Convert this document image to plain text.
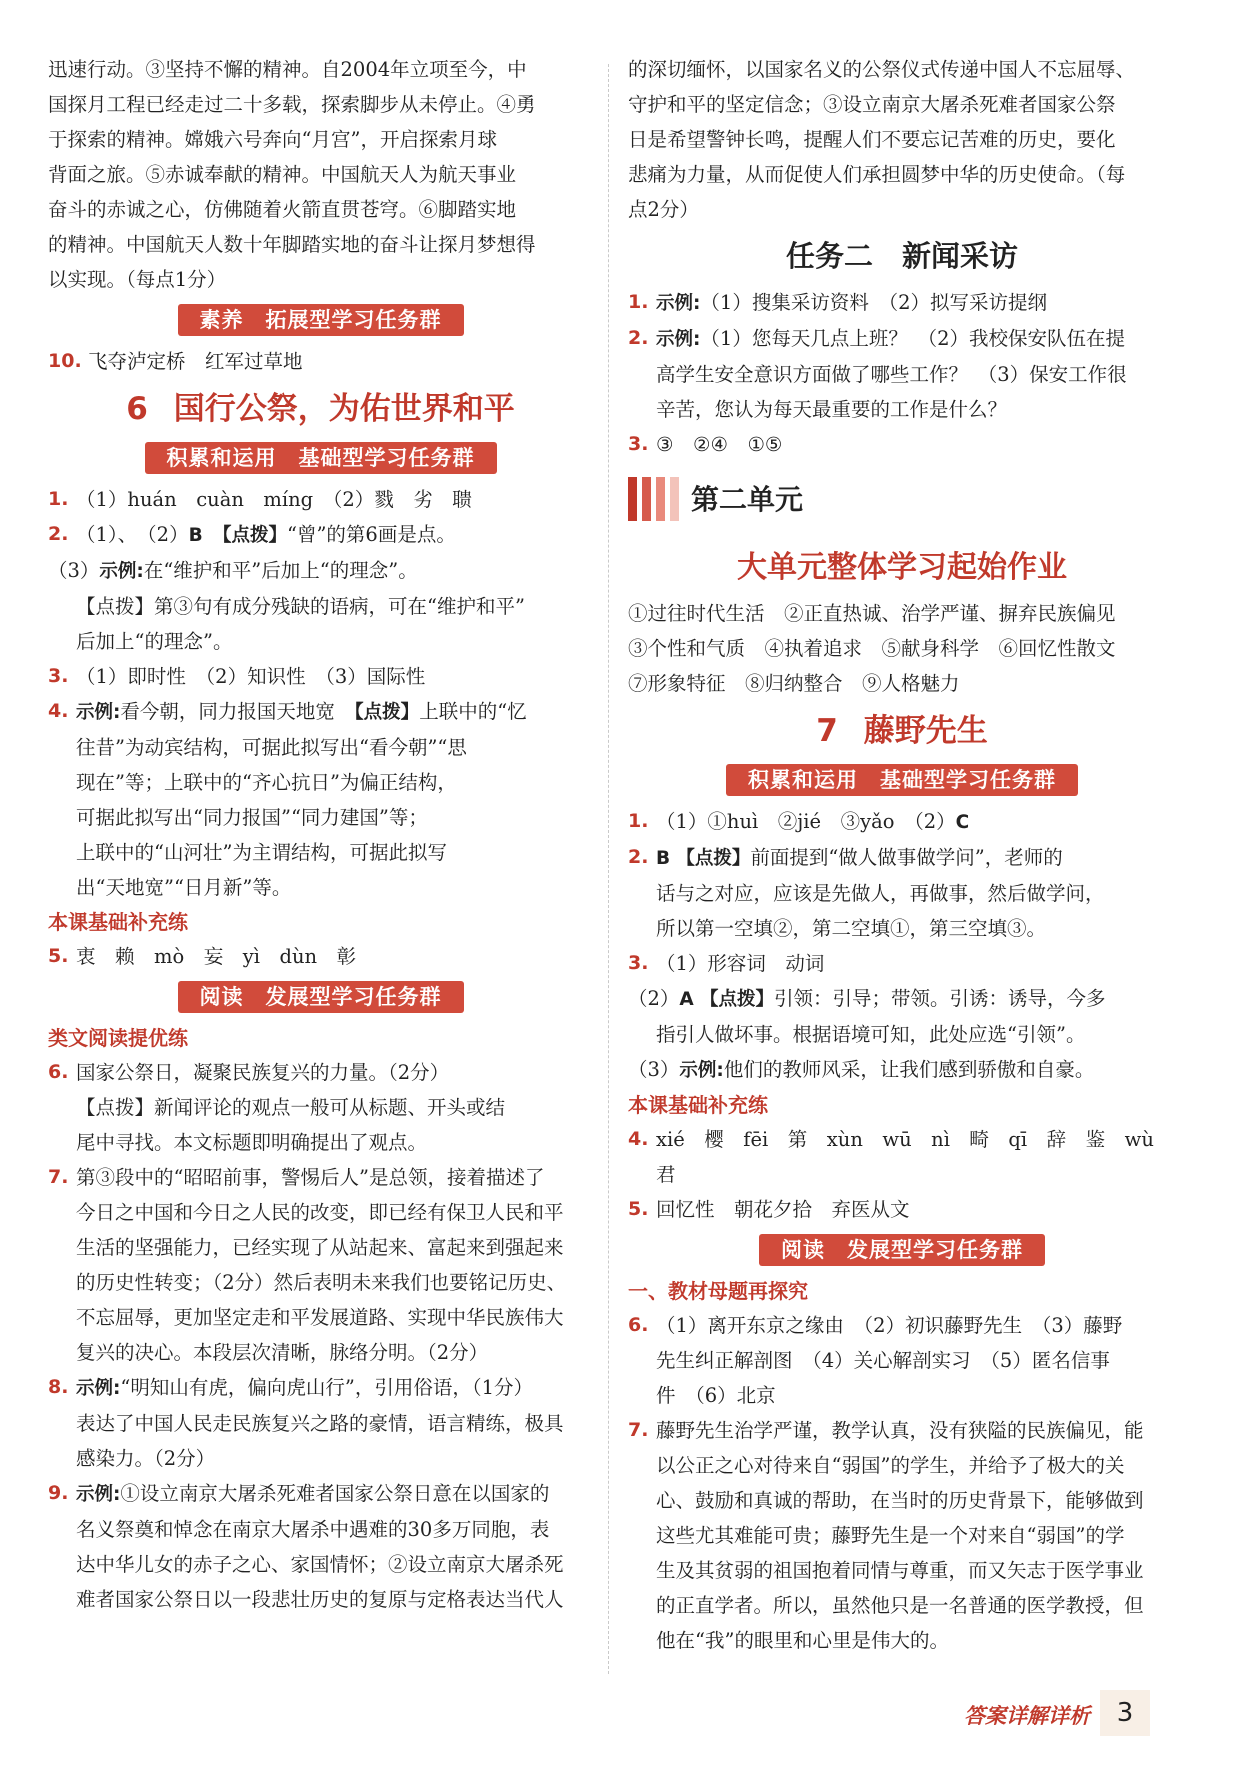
迅速行动。③坚持不懈的精神。自2004年立项至今，中

国探月工程已经走过二十多载，探索脚步从未停止。④勇

于探索的精神。嫦娥六号奔向“月宫”，开启探索月球

背面之旅。⑤赤诚奉献的精神。中国航天人为航天事业

奋斗的赤诚之心，仿佛随着火箭直贯苍穹。⑥脚踏实地

的精神。中国航天人数十年脚踏实地的奋斗让探月梦想得

以实现。（每点1分）

素养　拓展型学习任务群
10. 飞夺泸定桥　红军过草地
6 国行公祭，为佑世界和平
积累和运用　基础型学习任务群
1. （1）huán　cuàn　míng　（2）戮　劣　聩
2. （1）、　（2）B　 【点拨】“曾”的第6画是点。

（3）示例:在“维护和平”后加上“的理念”。

【点拨】第③句有成分残缺的语病，可在“维护和平”

后加上“的理念”。

3. （1）即时性　（2）知识性　（3）国际性
4. 示例:看今朝，同力报国天地宽　【点拨】上联中的“忆

往昔”为动宾结构，可据此拟写出“看今朝”“思

现在”等；上联中的“齐心抗日”为偏正结构，

可据此拟写出“同力报国”“同力建国”等；

上联中的“山河壮”为主谓结构，可据此拟写

出“天地宽”“日月新”等。

本课基础补充练
5. 衷　赖　mò　妄　yì　dùn　彰
阅读　发展型学习任务群
类文阅读提优练
6. 国家公祭日，凝聚民族复兴的力量。（2分）

【点拨】新闻评论的观点一般可从标题、开头或结

尾中寻找。本文标题即明确提出了观点。

7. 第③段中的“昭昭前事，警惕后人”是总领，接着描述了

今日之中国和今日之人民的改变，即已经有保卫人民和平

生活的坚强能力，已经实现了从站起来、富起来到强起来

的历史性转变；（2分）然后表明未来我们也要铭记历史、

不忘屈辱，更加坚定走和平发展道路、实现中华民族伟大

复兴的决心。本段层次清晰，脉络分明。（2分）

8. 示例:“明知山有虎，偏向虎山行”，引用俗语，（1分）

表达了中国人民走民族复兴之路的豪情，语言精练，极具

感染力。（2分）

9. 示例:①设立南京大屠杀死难者国家公祭日意在以国家的

名义祭奠和悼念在南京大屠杀中遇难的30多万同胞，表

达中华儿女的赤子之心、家国情怀；②设立南京大屠杀死

难者国家公祭日以一段悲壮历史的复原与定格表达当代人

的深切缅怀，以国家名义的公祭仪式传递中国人不忘屈辱、

守护和平的坚定信念；③设立南京大屠杀死难者国家公祭

日是希望警钟长鸣，提醒人们不要忘记苦难的历史，要化

悲痛为力量，从而促使人们承担圆梦中华的历史使命。（每

点2分）

任务二　新闻采访
1. 示例:（1）搜集采访资料　（2）拟写采访提纲
2. 示例:（1）您每天几点上班？　（2）我校保安队伍在提

高学生安全意识方面做了哪些工作？　（3）保安工作很

辛苦，您认为每天最重要的工作是什么？

3. ③　②④　①⑤
第二单元
大单元整体学习起始作业

①过往时代生活　②正直热诚、治学严谨、摒弃民族偏见

③个性和气质　④执着追求　⑤献身科学　⑥回忆性散文

⑦形象特征　⑧归纳整合　⑨人格魅力

7 藤野先生
积累和运用　基础型学习任务群
1. （1）①huì　②jié　③yǎo　（2）C
2. B 【点拨】前面提到“做人做事做学问”，老师的

话与之对应，应该是先做人，再做事，然后做学问，

所以第一空填②，第二空填①，第三空填③。

3. （1）形容词　动词

（2）A 【点拨】引领：引导；带领。引诱：诱导，今多

指引人做坏事。根据语境可知，此处应选“引领”。

（3）示例:他们的教师风采，让我们感到骄傲和自豪。

本课基础补充练
4. xié　樱　fēi　第　xùn　wū　nì　畸　qī　辞　鉴　wù　君
5. 回忆性　朝花夕拾　弃医从文
阅读　发展型学习任务群
一、教材母题再探究
6. （1）离开东京之缘由　（2）初识藤野先生　（3）藤野

先生纠正解剖图　（4）关心解剖实习　（5）匿名信事

件　（6）北京

7. 藤野先生治学严谨，教学认真，没有狭隘的民族偏见，能

以公正之心对待来自“弱国”的学生，并给予了极大的关

心、鼓励和真诚的帮助，在当时的历史背景下，能够做到

这些尤其难能可贵；藤野先生是一个对来自“弱国”的学

生及其贫弱的祖国抱着同情与尊重，而又矢志于医学事业

的正直学者。所以，虽然他只是一名普通的医学教授，但

他在“我”的眼里和心里是伟大的。

答案详解详析	3
